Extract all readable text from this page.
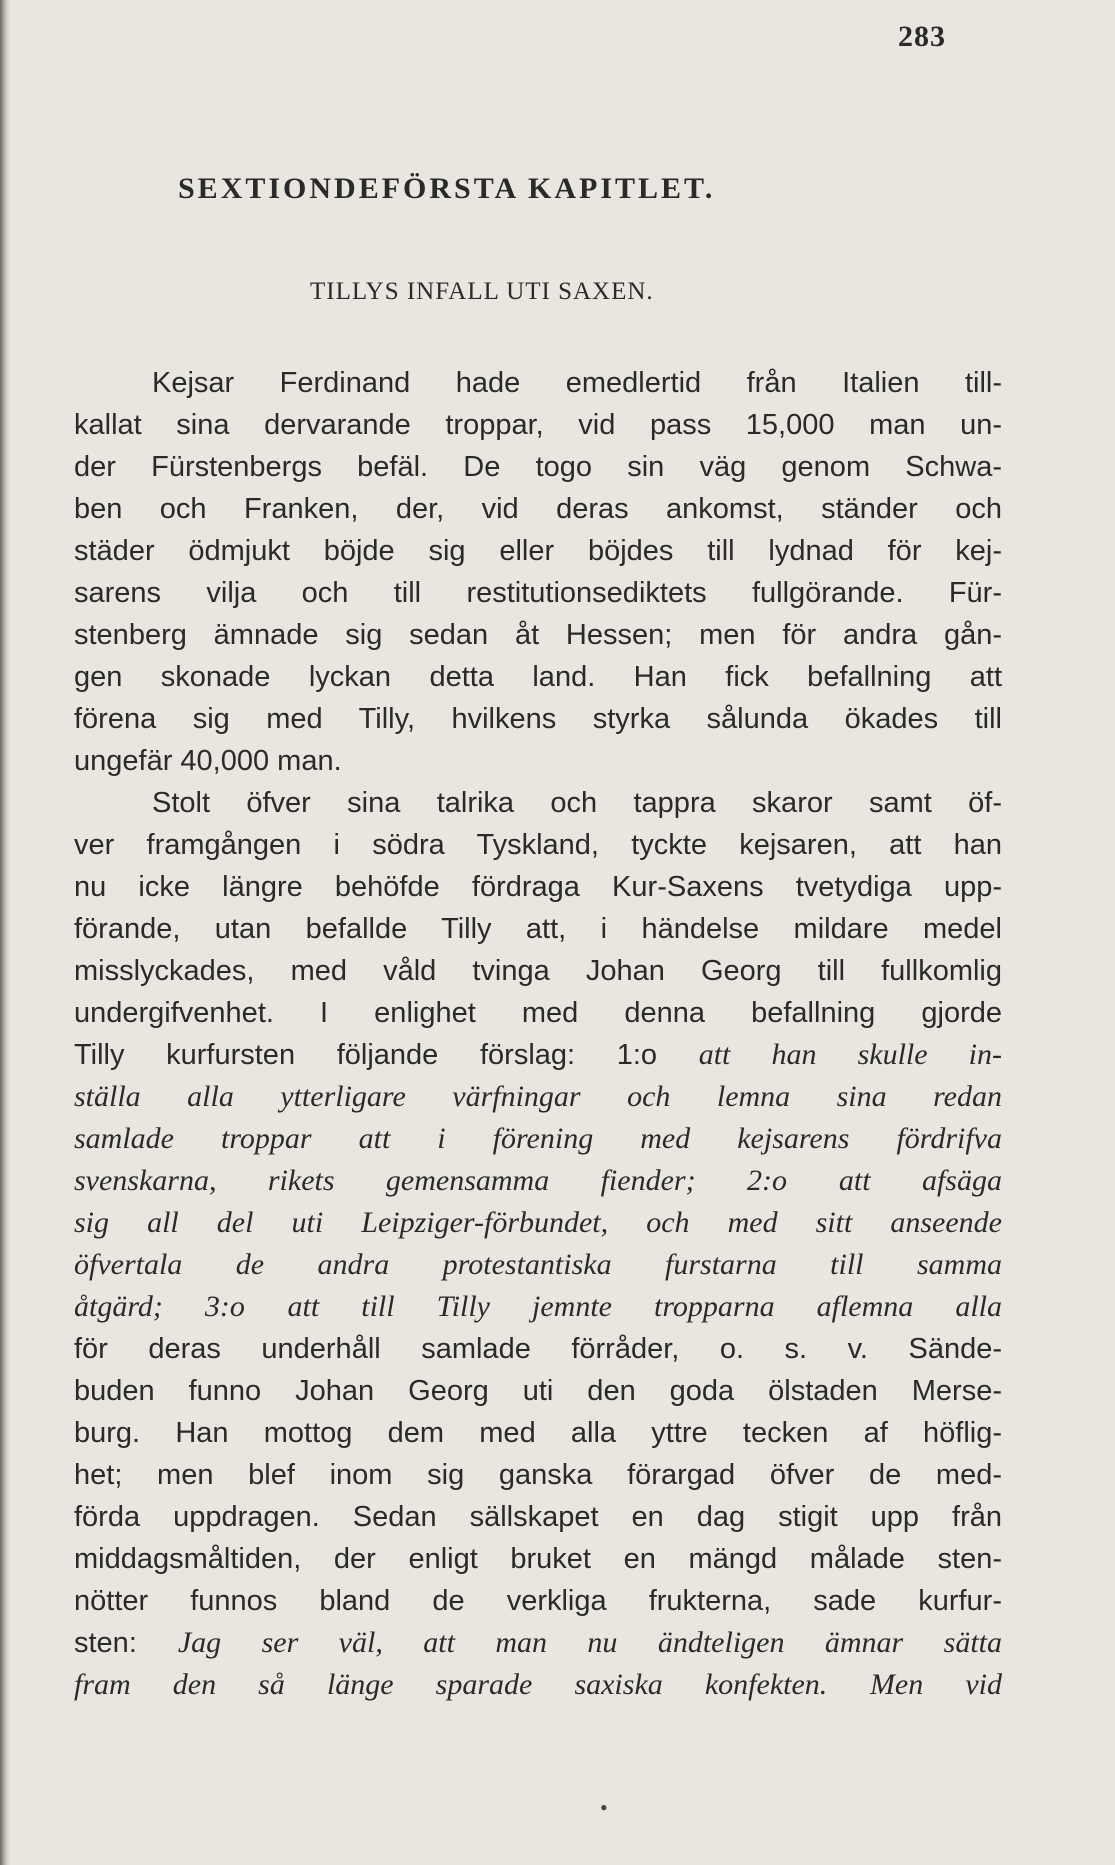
•
283
SEXTIONDEFÖRSTA KAPITLET.
TILLYS INFALL UTI SAXEN.
Kejsar Ferdinand hade emedlertid från Italien till-
kallat sina dervarande troppar, vid pass 15,000 man un-
der Fürstenbergs befäl. De togo sin väg genom Schwa-
ben och Franken, der, vid deras ankomst, ständer och
städer ödmjukt böjde sig eller böjdes till lydnad för kej-
sarens vilja och till restitutionsediktets fullgörande. Für-
stenberg ämnade sig sedan åt Hessen; men för andra gån-
gen skonade lyckan detta land. Han fick befallning att
förena sig med Tilly, hvilkens styrka sålunda ökades till
ungefär 40,000 man.
Stolt öfver sina talrika och tappra skaror samt öf-
ver framgången i södra Tyskland, tyckte kejsaren, att han
nu icke längre behöfde fördraga Kur-Saxens tvetydiga upp-
förande, utan befallde Tilly att, i händelse mildare medel
misslyckades, med våld tvinga Johan Georg till fullkomlig
undergifvenhet. I enlighet med denna befallning gjorde
Tilly kurfursten följande förslag: 1:o att han skulle in-
ställa alla ytterligare värfningar och lemna sina redan
samlade troppar att i förening med kejsarens fördrifva
svenskarna, rikets gemensamma fiender; 2:o att afsäga
sig all del uti Leipziger-förbundet, och med sitt anseende
öfvertala de andra protestantiska furstarna till samma
åtgärd; 3:o att till Tilly jemnte tropparna aflemna alla
för deras underhåll samlade förråder, o. s. v. Sände-
buden funno Johan Georg uti den goda ölstaden Merse-
burg. Han mottog dem med alla yttre tecken af höflig-
het; men blef inom sig ganska förargad öfver de med-
förda uppdragen. Sedan sällskapet en dag stigit upp från
middagsmåltiden, der enligt bruket en mängd målade sten-
nötter funnos bland de verkliga frukterna, sade kurfur-
sten: Jag ser väl, att man nu ändteligen ämnar sätta
fram den så länge sparade saxiska konfekten. Men vid
